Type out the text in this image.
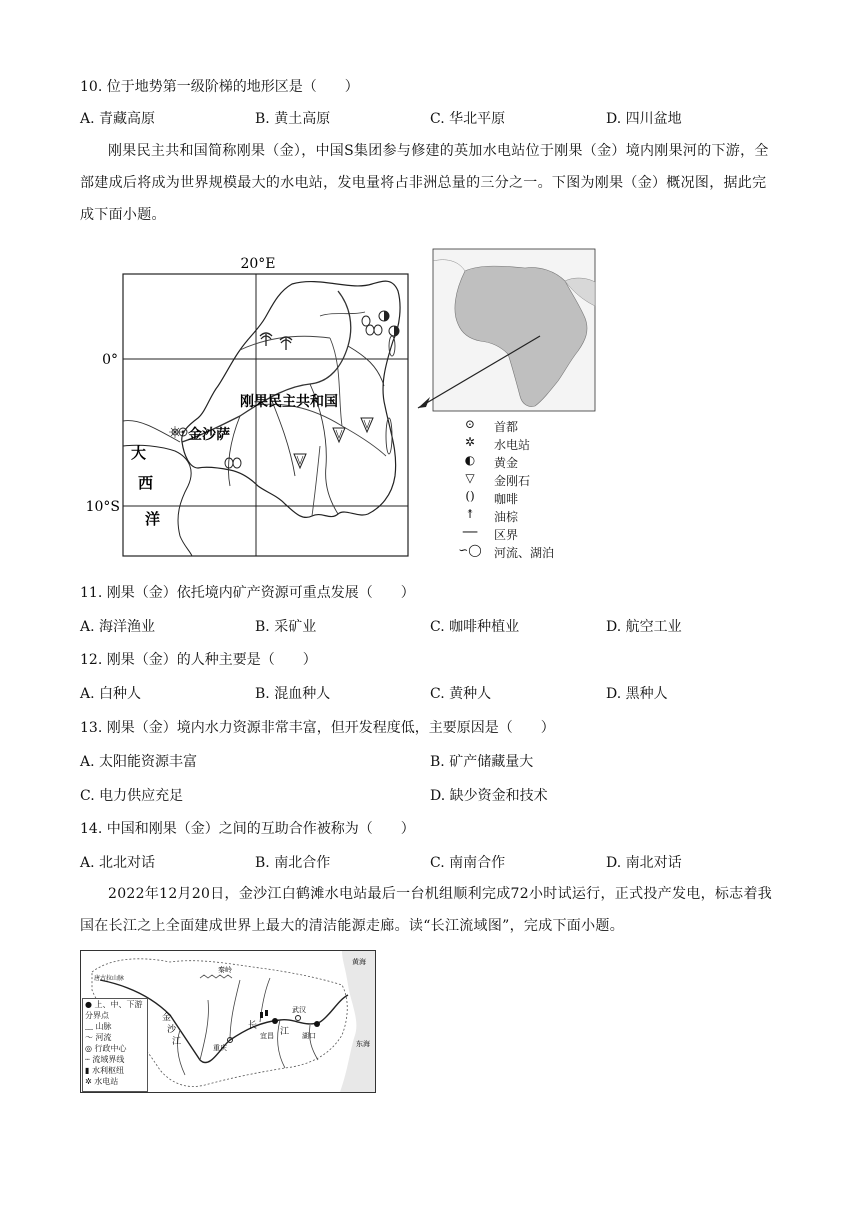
10. 位于地势第一级阶梯的地形区是（　　）
A. 青藏高原	B. 黄土高原	C. 华北平原	D. 四川盆地
刚果民主共和国简称刚果（金），中国S集团参与修建的英加水电站位于刚果（金）境内刚果河的下游，全部建成后将成为世界规模最大的水电站，发电量将占非洲总量的三分之一。下图为刚果（金）概况图，据此完成下面小题。
20°E
0°
10°S
刚果民主共和国
金沙萨
大
西
洋
⊙	首都
✲	水电站
◐	黄金
▽	金刚石
()	咖啡
↟	油棕
──	区界
∽◯	河流、湖泊
11. 刚果（金）依托境内矿产资源可重点发展（　　）
A. 海洋渔业	B. 采矿业	C. 咖啡种植业	D. 航空工业
12. 刚果（金）的人种主要是（　　）
A. 白种人	B. 混血种人	C. 黄种人	D. 黑种人
13. 刚果（金）境内水力资源非常丰富，但开发程度低，主要原因是（　　）
A. 太阳能资源丰富	B. 矿产储藏量大
C. 电力供应充足	D. 缺少资金和技术
14. 中国和刚果（金）之间的互助合作被称为（　　）
A. 北北对话	B. 南北合作	C. 南南合作	D. 南北对话
2022年12月20日，金沙江白鹤滩水电站最后一台机组顺利完成72小时试运行，正式投产发电，标志着我国在长江之上全面建成世界上最大的清洁能源走廊。读“长江流域图”，完成下面小题。
秦岭
黄海
东海
重庆
宜昌	湖口
武汉
金
沙
江
长
江
唐古拉山脉
● 上、中、下游分界点
﹏ 山脉
～ 河流
◎ 行政中心
┄ 流域界线
▮ 水利枢纽
✲ 水电站
